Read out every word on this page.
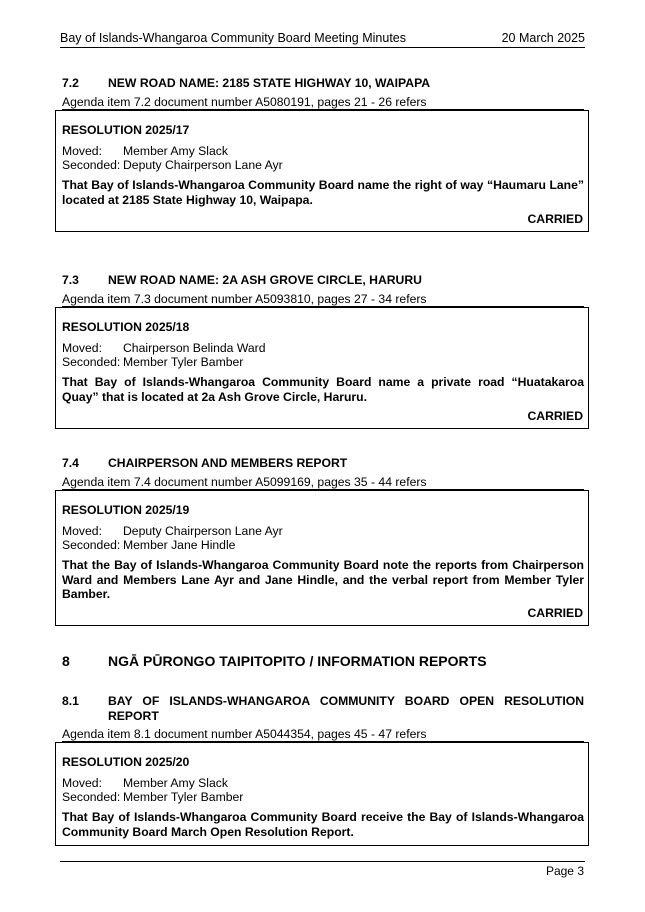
Bay of Islands-Whangaroa Community Board Meeting Minutes	20 March 2025
7.2 NEW ROAD NAME: 2185 STATE HIGHWAY 10, WAIPAPA
Agenda item 7.2 document number A5080191, pages 21 - 26 refers
RESOLUTION 2025/17
Moved: Member Amy Slack
Seconded: Deputy Chairperson Lane Ayr
That Bay of Islands-Whangaroa Community Board name the right of way “Haumaru Lane” located at 2185 State Highway 10, Waipapa.
CARRIED
7.3 NEW ROAD NAME: 2A ASH GROVE CIRCLE, HARURU
Agenda item 7.3 document number A5093810, pages 27 - 34 refers
RESOLUTION 2025/18
Moved: Chairperson Belinda Ward
Seconded: Member Tyler Bamber
That Bay of Islands-Whangaroa Community Board name a private road “Huatakaroa Quay” that is located at 2a Ash Grove Circle, Haruru.
CARRIED
7.4 CHAIRPERSON AND MEMBERS REPORT
Agenda item 7.4 document number A5099169, pages 35 - 44 refers
RESOLUTION 2025/19
Moved: Deputy Chairperson Lane Ayr
Seconded: Member Jane Hindle
That the Bay of Islands-Whangaroa Community Board note the reports from Chairperson Ward and Members Lane Ayr and Jane Hindle, and the verbal report from Member Tyler Bamber.
CARRIED
8	NGĀ PŪRONGO TAIPITOPITO / INFORMATION REPORTS
8.1 BAY OF ISLANDS-WHANGAROA COMMUNITY BOARD OPEN RESOLUTION REPORT
Agenda item 8.1 document number A5044354, pages 45 - 47 refers
RESOLUTION 2025/20
Moved: Member Amy Slack
Seconded: Member Tyler Bamber
That Bay of Islands-Whangaroa Community Board receive the Bay of Islands-Whangaroa Community Board March Open Resolution Report.
Page 3
